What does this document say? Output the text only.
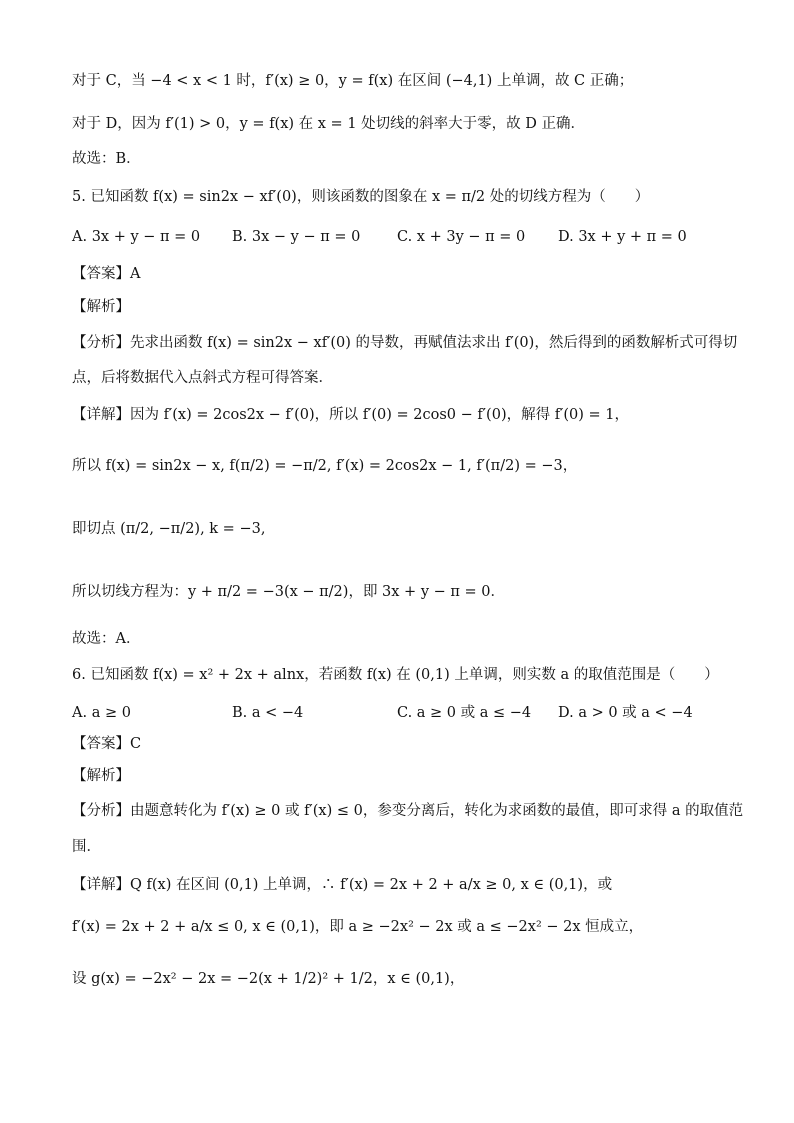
对于 C，当 −4 < x < 1 时，f′(x) ≥ 0，y = f(x) 在区间 (−4,1) 上单调，故 C 正确；
对于 D，因为 f′(1) > 0，y = f(x) 在 x = 1 处切线的斜率大于零，故 D 正确．
故选：B．
5. 已知函数 f(x) = sin2x − xf′(0)，则该函数的图象在 x = π/2 处的切线方程为（　　）
A. 3x + y − π = 0 B. 3x − y − π = 0	C. x + 3y − π = 0 D. 3x + y + π = 0
【答案】A
【解析】
【分析】先求出函数 f(x) = sin2x − xf′(0) 的导数，再赋值法求出 f′(0)，然后得到的函数解析式可得切
点，后将数据代入点斜式方程可得答案．
【详解】因为 f′(x) = 2cos2x − f′(0)，所以 f′(0) = 2cos0 − f′(0)，解得 f′(0) = 1，
所以 f(x) = sin2x − x, f(π/2) = −π/2, f′(x) = 2cos2x − 1, f′(π/2) = −3，
即切点 (π/2, −π/2), k = −3,
所以切线方程为：y + π/2 = −3(x − π/2)，即 3x + y − π = 0．
故选：A．
6. 已知函数 f(x) = x² + 2x + alnx，若函数 f(x) 在 (0,1) 上单调，则实数 a 的取值范围是（　　）
A. a ≥ 0	B. a < −4	C. a ≥ 0 或 a ≤ −4 D. a > 0 或 a < −4
【答案】C
【解析】
【分析】由题意转化为 f′(x) ≥ 0 或 f′(x) ≤ 0，参变分离后，转化为求函数的最值，即可求得 a 的取值范
围．
【详解】Q f(x) 在区间 (0,1) 上单调，∴ f′(x) = 2x + 2 + a/x ≥ 0, x ∈ (0,1)，或
f′(x) = 2x + 2 + a/x ≤ 0, x ∈ (0,1)，即 a ≥ −2x² − 2x 或 a ≤ −2x² − 2x 恒成立，
设 g(x) = −2x² − 2x = −2(x + 1/2)² + 1/2，x ∈ (0,1)，
